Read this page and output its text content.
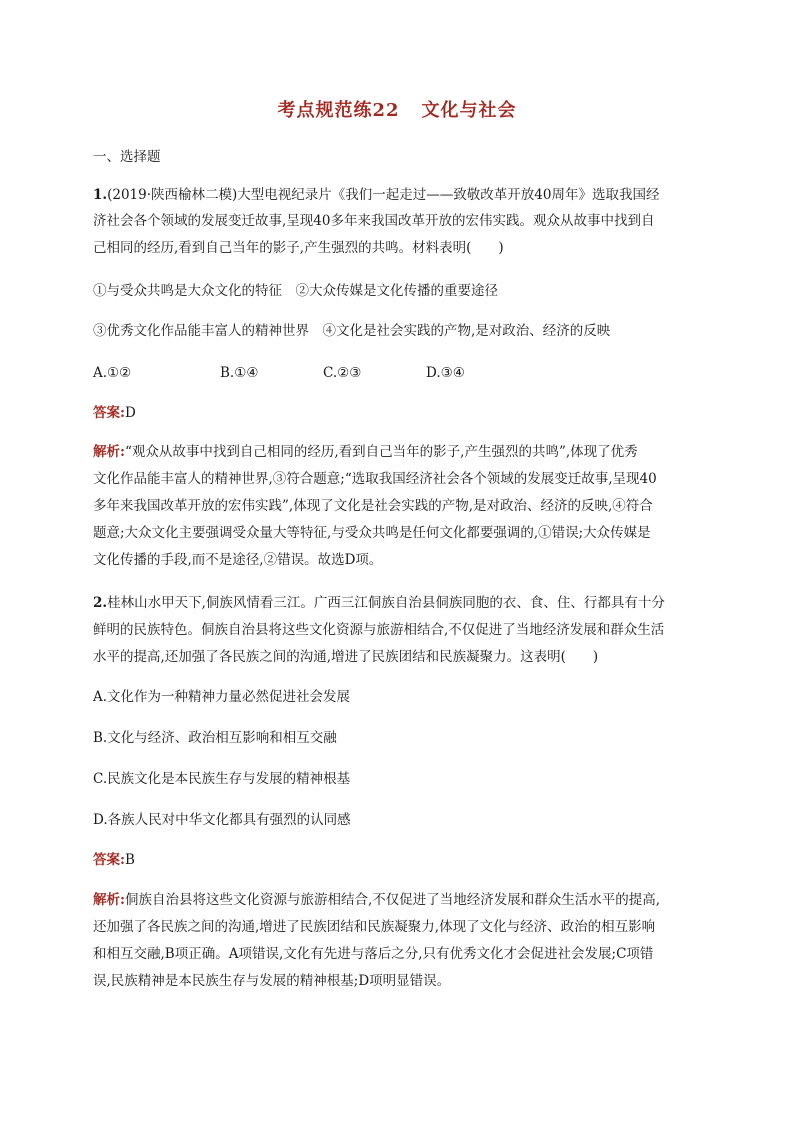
考点规范练22 文化与社会
一、选择题
1.(2019·陕西榆林二模)大型电视纪录片《我们一起走过——致敬改革开放40周年》选取我国经
济社会各个领域的发展变迁故事,呈现40多年来我国改革开放的宏伟实践。观众从故事中找到自
己相同的经历,看到自己当年的影子,产生强烈的共鸣。材料表明(　　)
①与受众共鸣是大众文化的特征　②大众传媒是文化传播的重要途径
③优秀文化作品能丰富人的精神世界　④文化是社会实践的产物,是对政治、经济的反映
A.①②	B.①④	C.②③	D.③④
答案:D
解析:“观众从故事中找到自己相同的经历,看到自己当年的影子,产生强烈的共鸣”,体现了优秀
文化作品能丰富人的精神世界,③符合题意;“选取我国经济社会各个领域的发展变迁故事,呈现40
多年来我国改革开放的宏伟实践”,体现了文化是社会实践的产物,是对政治、经济的反映,④符合
题意;大众文化主要强调受众量大等特征,与受众共鸣是任何文化都要强调的,①错误;大众传媒是
文化传播的手段,而不是途径,②错误。故选D项。
2.桂林山水甲天下,侗族风情看三江。广西三江侗族自治县侗族同胞的衣、食、住、行都具有十分
鲜明的民族特色。侗族自治县将这些文化资源与旅游相结合,不仅促进了当地经济发展和群众生活
水平的提高,还加强了各民族之间的沟通,增进了民族团结和民族凝聚力。这表明(　　)
A.文化作为一种精神力量必然促进社会发展
B.文化与经济、政治相互影响和相互交融
C.民族文化是本民族生存与发展的精神根基
D.各族人民对中华文化都具有强烈的认同感
答案:B
解析:侗族自治县将这些文化资源与旅游相结合,不仅促进了当地经济发展和群众生活水平的提高,
还加强了各民族之间的沟通,增进了民族团结和民族凝聚力,体现了文化与经济、政治的相互影响
和相互交融,B项正确。A项错误,文化有先进与落后之分,只有优秀文化才会促进社会发展;C项错
误,民族精神是本民族生存与发展的精神根基;D项明显错误。
